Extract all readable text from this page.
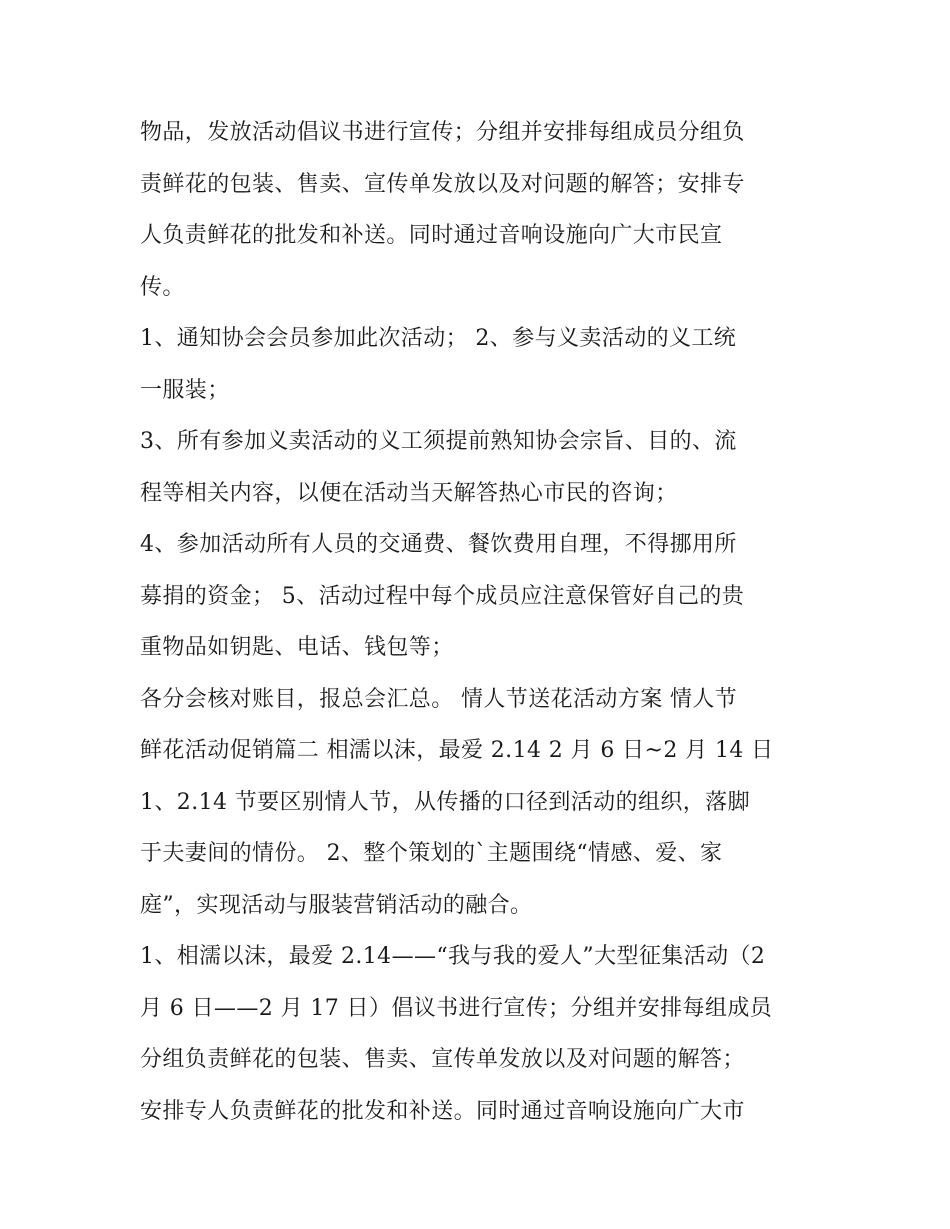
物品，发放活动倡议书进行宣传；分组并安排每组成员分组负
责鲜花的包装、售卖、宣传单发放以及对问题的解答；安排专
人负责鲜花的批发和补送。同时通过音响设施向广大市民宣
传。
1、通知协会会员参加此次活动； 2、参与义卖活动的义工统
一服装；
3、所有参加义卖活动的义工须提前熟知协会宗旨、目的、流
程等相关内容，以便在活动当天解答热心市民的咨询；
4、参加活动所有人员的交通费、餐饮费用自理，不得挪用所
募捐的资金； 5、活动过程中每个成员应注意保管好自己的贵
重物品如钥匙、电话、钱包等；
各分会核对账目，报总会汇总。 情人节送花活动方案 情人节
鲜花活动促销篇二 相濡以沫，最爱 2.14 2 月 6 日~2 月 14 日
1、2.14 节要区别情人节，从传播的口径到活动的组织，落脚
于夫妻间的情份。 2、整个策划的`主题围绕“情感、爱、家
庭”，实现活动与服装营销活动的融合。
1、相濡以沫，最爱 2.14——“我与我的爱人”大型征集活动（2
月 6 日——2 月 17 日）倡议书进行宣传；分组并安排每组成员
分组负责鲜花的包装、售卖、宣传单发放以及对问题的解答；
安排专人负责鲜花的批发和补送。同时通过音响设施向广大市
